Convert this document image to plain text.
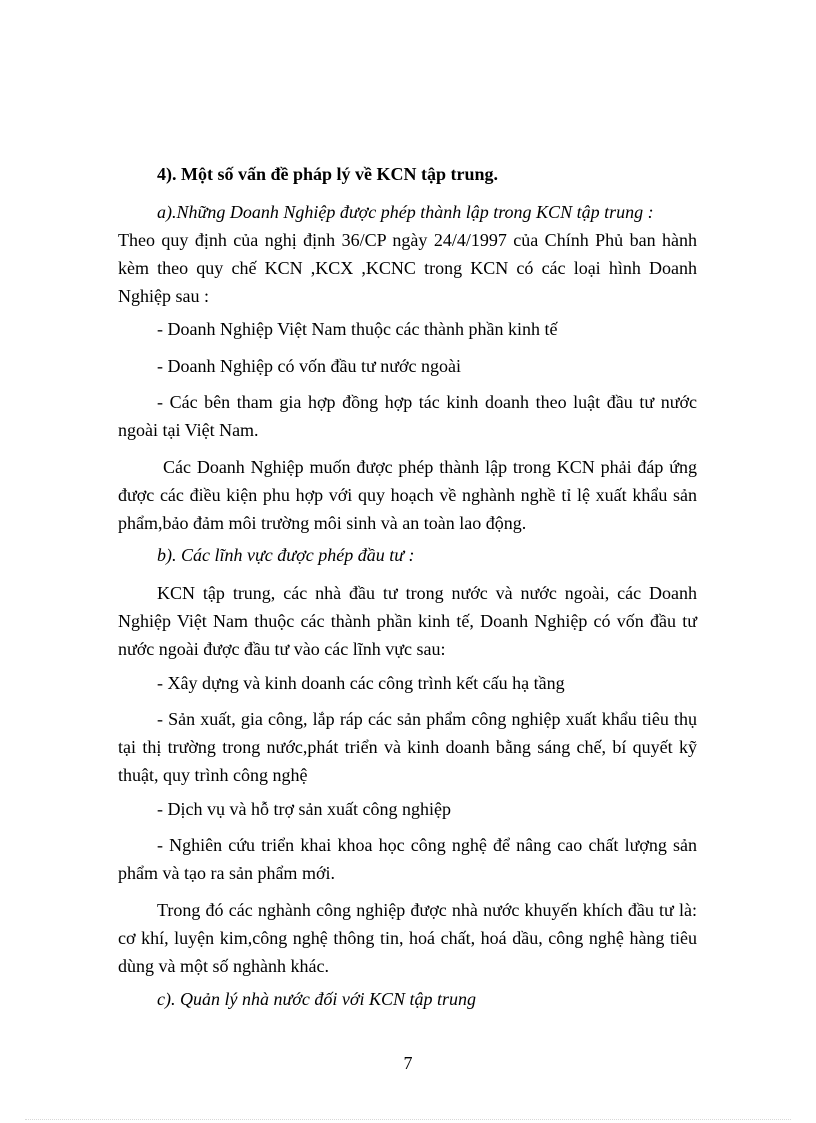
4). Một số vấn đề pháp lý về KCN tập trung.

a).Những Doanh Nghiệp được phép thành lập trong KCN tập trung :

Theo quy định của nghị định 36/CP ngày 24/4/1997 của Chính Phủ ban hành kèm theo quy chế KCN ,KCX ,KCNC trong KCN có các loại hình Doanh Nghiệp sau :

- Doanh Nghiệp Việt Nam thuộc các thành phần kinh tế

- Doanh Nghiệp có vốn đầu tư nước ngoài

- Các bên tham gia hợp đồng hợp tác kinh doanh theo luật đầu tư nước ngoài tại Việt Nam.

Các Doanh Nghiệp muốn được phép thành lập trong KCN phải đáp ứng được các điều kiện phu hợp với quy hoạch về nghành nghề tỉ lệ xuất khẩu sản phẩm,bảo đảm môi trường môi sinh và an toàn lao động.

b). Các lĩnh vực được phép đầu tư :

KCN tập trung, các nhà đầu tư trong nước và nước ngoài, các Doanh Nghiệp Việt Nam thuộc các thành phần kinh tế, Doanh Nghiệp có vốn đầu tư nước ngoài được đầu tư vào các lĩnh vực sau:

- Xây dựng và kinh doanh các công trình kết cấu hạ tầng

- Sản xuất, gia công, lắp ráp các sản phẩm công nghiệp xuất khẩu tiêu thụ tại thị trường trong nước,phát triển và kinh doanh bằng sáng chế, bí quyết kỹ thuật, quy trình công nghệ

- Dịch vụ và hỗ trợ sản xuất công nghiệp

- Nghiên cứu triển khai khoa học công nghệ để nâng cao chất lượng sản phẩm và tạo ra sản phẩm mới.

Trong đó các nghành công nghiệp được nhà nước khuyến khích đầu tư là: cơ khí, luyện kim,công nghệ thông tin, hoá chất, hoá dầu, công nghệ hàng tiêu dùng và một số nghành khác.

c). Quản lý nhà nước đối với KCN tập trung

7
